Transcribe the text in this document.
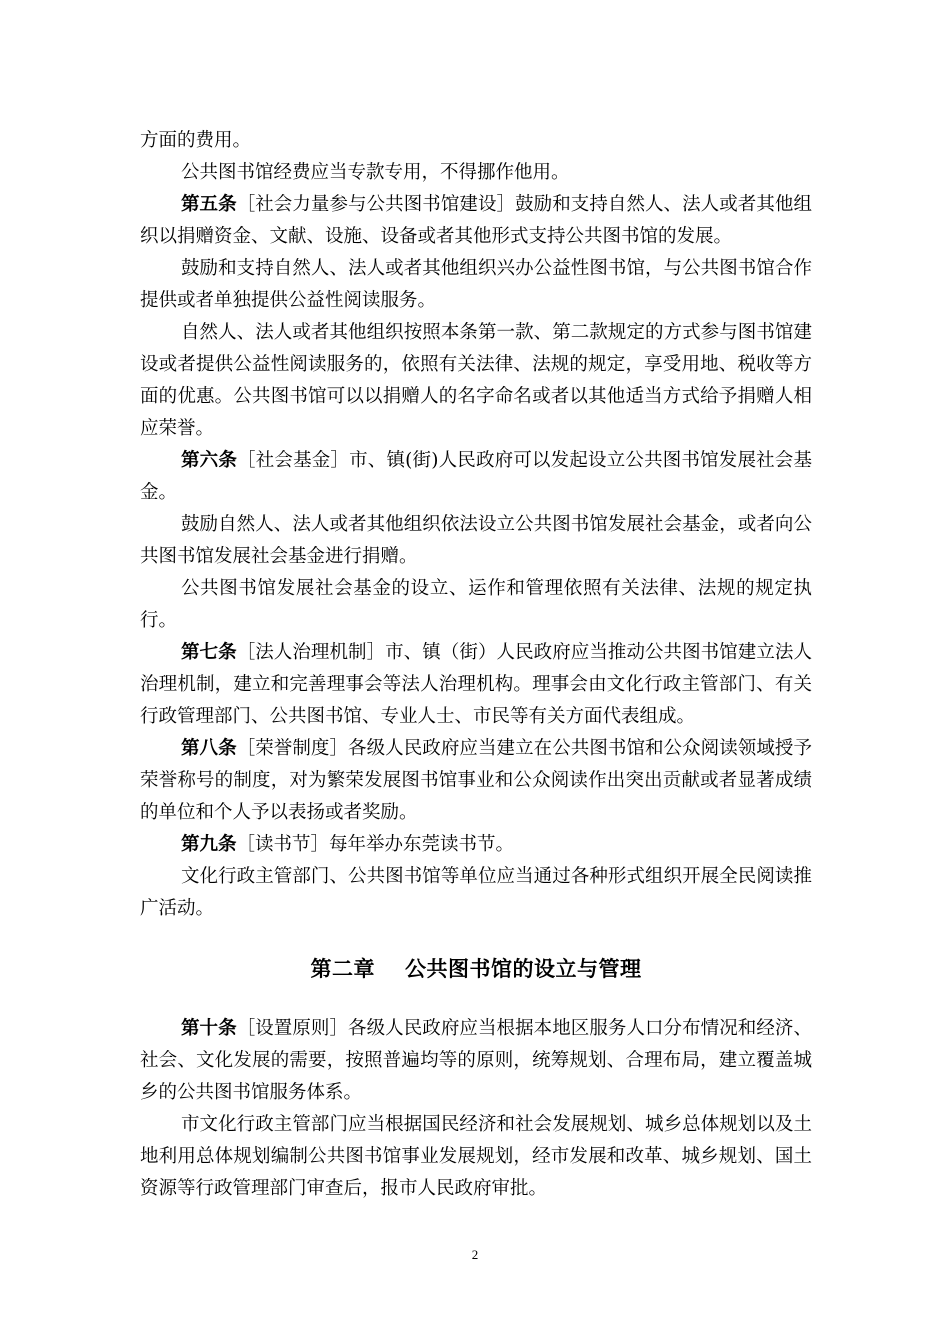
方面的费用。

公共图书馆经费应当专款专用，不得挪作他用。

第五条［社会力量参与公共图书馆建设］鼓励和支持自然人、法人或者其他组织以捐赠资金、文献、设施、设备或者其他形式支持公共图书馆的发展。

鼓励和支持自然人、法人或者其他组织兴办公益性图书馆，与公共图书馆合作提供或者单独提供公益性阅读服务。

自然人、法人或者其他组织按照本条第一款、第二款规定的方式参与图书馆建设或者提供公益性阅读服务的，依照有关法律、法规的规定，享受用地、税收等方面的优惠。公共图书馆可以以捐赠人的名字命名或者以其他适当方式给予捐赠人相应荣誉。

第六条［社会基金］市、镇(街)人民政府可以发起设立公共图书馆发展社会基金。

鼓励自然人、法人或者其他组织依法设立公共图书馆发展社会基金，或者向公共图书馆发展社会基金进行捐赠。

公共图书馆发展社会基金的设立、运作和管理依照有关法律、法规的规定执行。

第七条［法人治理机制］市、镇（街）人民政府应当推动公共图书馆建立法人治理机制，建立和完善理事会等法人治理机构。理事会由文化行政主管部门、有关行政管理部门、公共图书馆、专业人士、市民等有关方面代表组成。

第八条［荣誉制度］各级人民政府应当建立在公共图书馆和公众阅读领域授予荣誉称号的制度，对为繁荣发展图书馆事业和公众阅读作出突出贡献或者显著成绩的单位和个人予以表扬或者奖励。

第九条［读书节］每年举办东莞读书节。

文化行政主管部门、公共图书馆等单位应当通过各种形式组织开展全民阅读推广活动。

第二章 公共图书馆的设立与管理

第十条［设置原则］各级人民政府应当根据本地区服务人口分布情况和经济、社会、文化发展的需要，按照普遍均等的原则，统筹规划、合理布局，建立覆盖城乡的公共图书馆服务体系。

市文化行政主管部门应当根据国民经济和社会发展规划、城乡总体规划以及土地利用总体规划编制公共图书馆事业发展规划，经市发展和改革、城乡规划、国土资源等行政管理部门审查后，报市人民政府审批。

2
